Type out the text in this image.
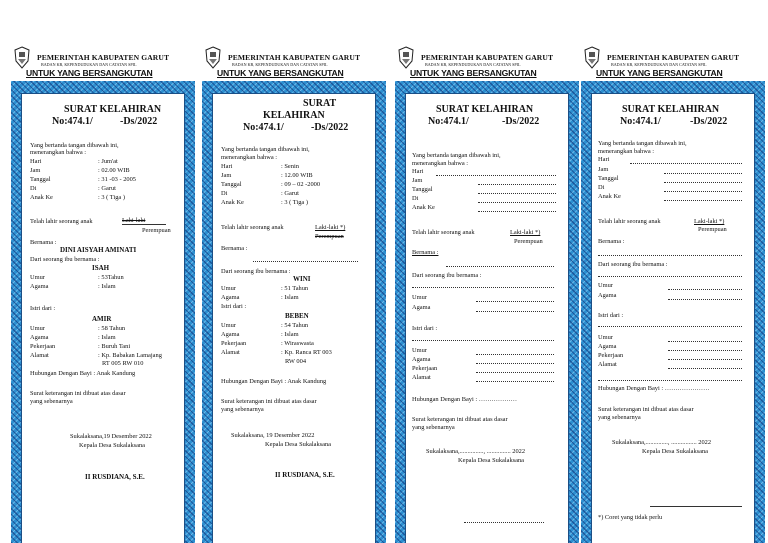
PEMERINTAH KABUPATEN GARUT
BADAN KB, KEPENDUDUKAN DAN CATATAN SPIL
UNTUK YANG BERSANGKUTAN
SURAT KELAHIRAN
No:474.1/	-Ds/2022
Yang bertanda tangan dibawah ini,
menerangkan bahwa :
Hari	: Jum'at
Jam	: 02.00 WIB
Tanggal	: 31 -03 - 2005
Di	: Garut
Anak Ke	: 3 ( Tiga )
Telah lahir seorang anak	Laki-laki
Perempuan
Bernama :
DINI AISYAH AMINATI
Dari seorang ibu bernama :
ISAH
Umur	: 53Tahun
Agama	: Islam
Istri dari :
AMIR
Umur	: 58 Tahun
Agama	: Islam
Pekerjaan	: Buruh Tani
Alamat	: Kp. Babakan Lamajang
RT 005 RW 010
Hubungan Dengan Bayi : Anak Kandung
Surat keterangan ini dibuat atas dasar
yang sebenarnya
Sukalaksana,19 Desember 2022
Kepala Desa Sukalaksana
II RUSDIANA, S.E.
PEMERINTAH KABUPATEN GARUT
BADAN KB, KEPENDUDUKAN DAN CATATAN SPIL
UNTUK YANG BERSANGKUTAN
SURAT
KELAHIRAN
No:474.1/	-Ds/2022
Yang bertanda tangan dibawah ini,
menerangkan bahwa :
Hari	: Senin
Jam	: 12.00 WIB
Tanggal	: 09 – 02 -2000
Di	: Garut
Anak Ke	: 3 ( Tiga )
Telah lahir seorang anak	Laki-laki *)
Perempuan
Bernama :
Dari seorang ibu bernama :
WINI
Umur	: 51 Tahun
Agama	: Islam
Istri dari :
BEBEN
Umur	: 54 Tahun
Agama	: Islam
Pekerjaan	: Wiraswasta
Alamat	: Kp. Ranca RT 003
RW 004
Hubungan Dengan Bayi : Anak Kandung
Surat keterangan ini dibuat atas dasar
yang sebenarnya
Sukalaksana, 19 Desember 2022
Kepala Desa Sukalaksana
II RUSDIANA, S.E.
PEMERINTAH KABUPATEN GARUT
BADAN KB, KEPENDUDUKAN DAN CATATAN SPIL
UNTUK YANG BERSANGKUTAN
SURAT KELAHIRAN
No:474.1/	-Ds/2022
Yang bertanda tangan dibawah ini,
menerangkan bahwa :
Hari
Jam
Tanggal
Di
Anak Ke
Telah lahir seorang anak	Laki-laki *)
Perempuan
Bernama :
Dari seorang ibu bernama :
Umur
Agama
Istri dari :
Umur
Agama
Pekerjaan
Alamat
Hubungan Dengan Bayi : ………………
Surat keterangan ini dibuat atas dasar
yang sebenarnya
Sukalaksana,..............., ............... 2022
Kepala Desa Sukalaksana
PEMERINTAH KABUPATEN GARUT
BADAN KB, KEPENDUDUKAN DAN CATATAN SPIL
UNTUK YANG BERSANGKUTAN
SURAT KELAHIRAN
No:474.1/	-Ds/2022
Yang bertanda tangan dibawah ini,
menerangkan bahwa :
Hari
Jam
Tanggal
Di
Anak Ke
Telah lahir seorang anak	Laki-laki *)
Perempuan
Bernama :
Dari seorang ibu bernama :
Umur
Agama
Istri dari :
Umur
Agama
Pekerjaan
Alamat
Hubungan Dengan Bayi : …………………
Surat keterangan ini dibuat atas dasar
yang sebenarnya
Sukalaksana,.............., ................ 2022
Kepala Desa Sukalaksana
*) Coret yang tidak perlu
